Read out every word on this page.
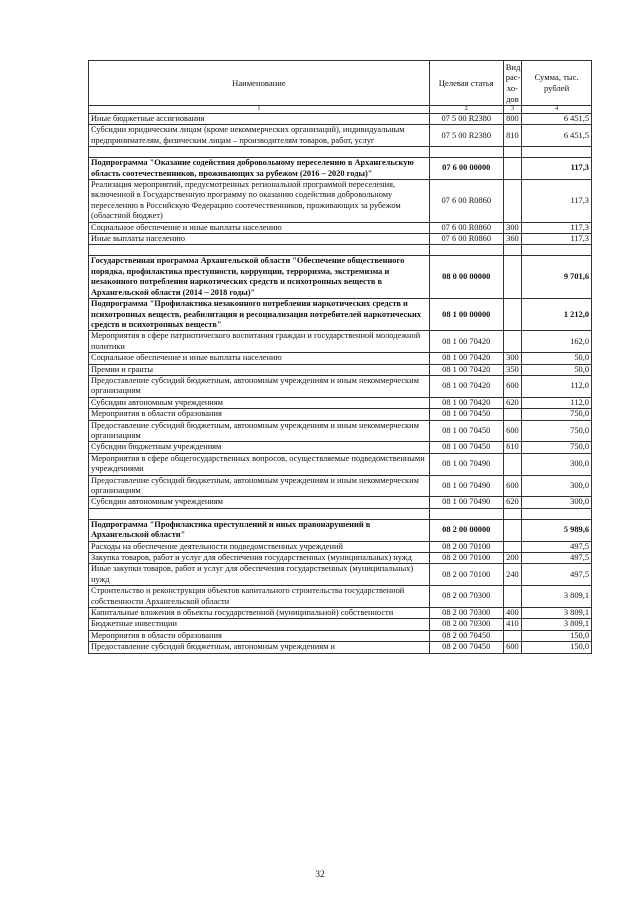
Наименование	Целевая статья	Вид рас-хо-дов	Сумма, тыс. рублей
1	2	3	4
Иные бюджетные ассигнования	07 5 00 R2380	800	6 451,5
Субсидии юридическим лицам (кроме некоммерческих организаций), индивидуальным предпринимателям, физическим лицам – производителям товаров, работ, услуг	07 5 00 R2380	810	6 451,5

Подпрограмма "Оказание содействия добровольному переселению в Архангельскую область соотечественников, проживающих за рубежом (2016 – 2020 годы)"	07 6 00 00000		117,3
Реализация мероприятий, предусмотренных региональной программой переселения, включенной в Государственную программу по оказанию содействия добровольному переселению в Российскую Федерацию соотечественников, проживающих за рубежом (областной бюджет)	07 6 00 R0860		117,3
Социальное обеспечение и иные выплаты населению	07 6 00 R0860	300	117,3
Иные выплаты населению	07 6 00 R0860	360	117,3

Государственная программа Архангельской области "Обеспечение общественного порядка, профилактика преступности, коррупции, терроризма, экстремизма и незаконного потребления наркотических средств и психотропных веществ в Архангельской области (2014 – 2018 годы)"	08 0 00 00000		9 701,6
Подпрограмма "Профилактика незаконного потребления наркотических средств и психотропных веществ, реабилитация и ресоциализация потребителей наркотических средств и психотропных веществ"	08 1 00 00000		1 212,0
Мероприятия в сфере патриотического воспитания граждан и государственной молодежной политики	08 1 00 70420		162,0
Социальное обеспечение и иные выплаты населению	08 1 00 70420	300	50,0
Премии и гранты	08 1 00 70420	350	50,0
Предоставление субсидий бюджетным, автономным учреждениям и иным некоммерческим организациям	08 1 00 70420	600	112,0
Субсидии автономным учреждениям	08 1 00 70420	620	112,0
Мероприятия в области образования	08 1 00 70450		750,0
Предоставление субсидий бюджетным, автономным учреждениям и иным некоммерческим организациям	08 1 00 70450	600	750,0
Субсидии бюджетным учреждениям	08 1 00 70450	610	750,0
Мероприятия в сфере общегосударственных вопросов, осуществляемые подведомственными учреждениями	08 1 00 70490		300,0
Предоставление субсидий бюджетным, автономным учреждениям и иным некоммерческим организациям	08 1 00 70490	600	300,0
Субсидии автономным учреждениям	08 1 00 70490	620	300,0

Подпрограмма "Профилактика преступлений и иных правонарушений в Архангельской области"	08 2 00 00000		5 989,6
Расходы на обеспечение деятельности подведомственных учреждений	08 2 00 70100		497,5
Закупка товаров, работ и услуг для обеспечения государственных (муниципальных) нужд	08 2 00 70100	200	497,5
Иные закупки товаров, работ и услуг для обеспечения государственных (муниципальных) нужд	08 2 00 70100	240	497,5
Строительство и реконструкция объектов капитального строительства государственной собственности Архангельской области	08 2 00 70300		3 809,1
Капитальные вложения в объекты государственной (муниципальной) собственности	08 2 00 70300	400	3 809,1
Бюджетные инвестиции	08 2 00 70300	410	3 809,1
Мероприятия в области образования	08 2 00 70450		150,0
Предоставление субсидий бюджетным, автономным учреждениям и	08 2 00 70450	600	150,0
32
